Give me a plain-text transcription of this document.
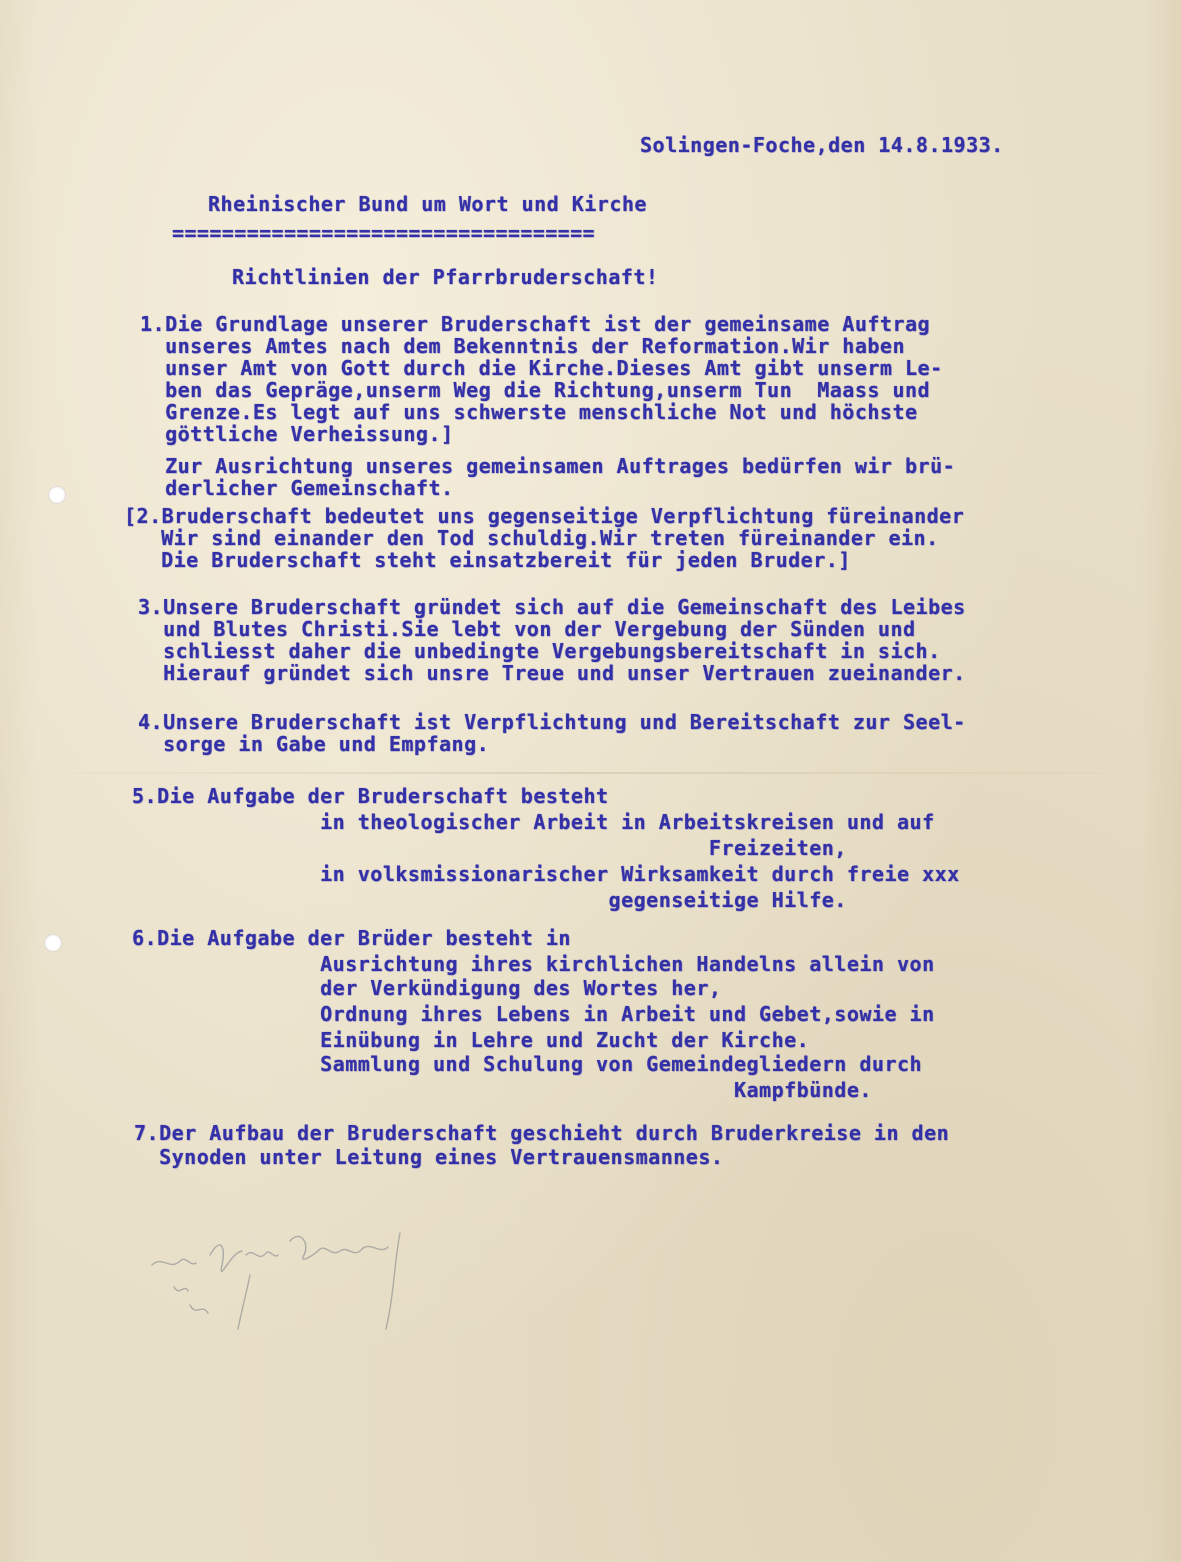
Solingen-Foche,den 14.8.1933.
Rheinischer Bund um Wort und Kirche
==================================
Richtlinien der Pfarrbruderschaft!
1.Die Grundlage unserer Bruderschaft ist der gemeinsame Auftrag
unseres Amtes nach dem Bekenntnis der Reformation.Wir haben
unser Amt von Gott durch die Kirche.Dieses Amt gibt unserm Le-
ben das Gepräge,unserm Weg die Richtung,unserm Tun  Maass und
Grenze.Es legt auf uns schwerste menschliche Not und höchste
göttliche Verheissung.]
Zur Ausrichtung unseres gemeinsamen Auftrages bedürfen wir brü-
derlicher Gemeinschaft.
[2.Bruderschaft bedeutet uns gegenseitige Verpflichtung füreinander
Wir sind einander den Tod schuldig.Wir treten füreinander ein.
Die Bruderschaft steht einsatzbereit für jeden Bruder.]
3.Unsere Bruderschaft gründet sich auf die Gemeinschaft des Leibes
und Blutes Christi.Sie lebt von der Vergebung der Sünden und
schliesst daher die unbedingte Vergebungsbereitschaft in sich.
Hierauf gründet sich unsre Treue und unser Vertrauen zueinander.
4.Unsere Bruderschaft ist Verpflichtung und Bereitschaft zur Seel-
sorge in Gabe und Empfang.
5.Die Aufgabe der Bruderschaft besteht
in theologischer Arbeit in Arbeitskreisen und auf
Freizeiten,
in volksmissionarischer Wirksamkeit durch freie xxx
gegenseitige Hilfe.
6.Die Aufgabe der Brüder besteht in
Ausrichtung ihres kirchlichen Handelns allein von
der Verkündigung des Wortes her,
Ordnung ihres Lebens in Arbeit und Gebet,sowie in
Einübung in Lehre und Zucht der Kirche.
Sammlung und Schulung von Gemeindegliedern durch
Kampfbünde.
7.Der Aufbau der Bruderschaft geschieht durch Bruderkreise in den
Synoden unter Leitung eines Vertrauensmannes.
